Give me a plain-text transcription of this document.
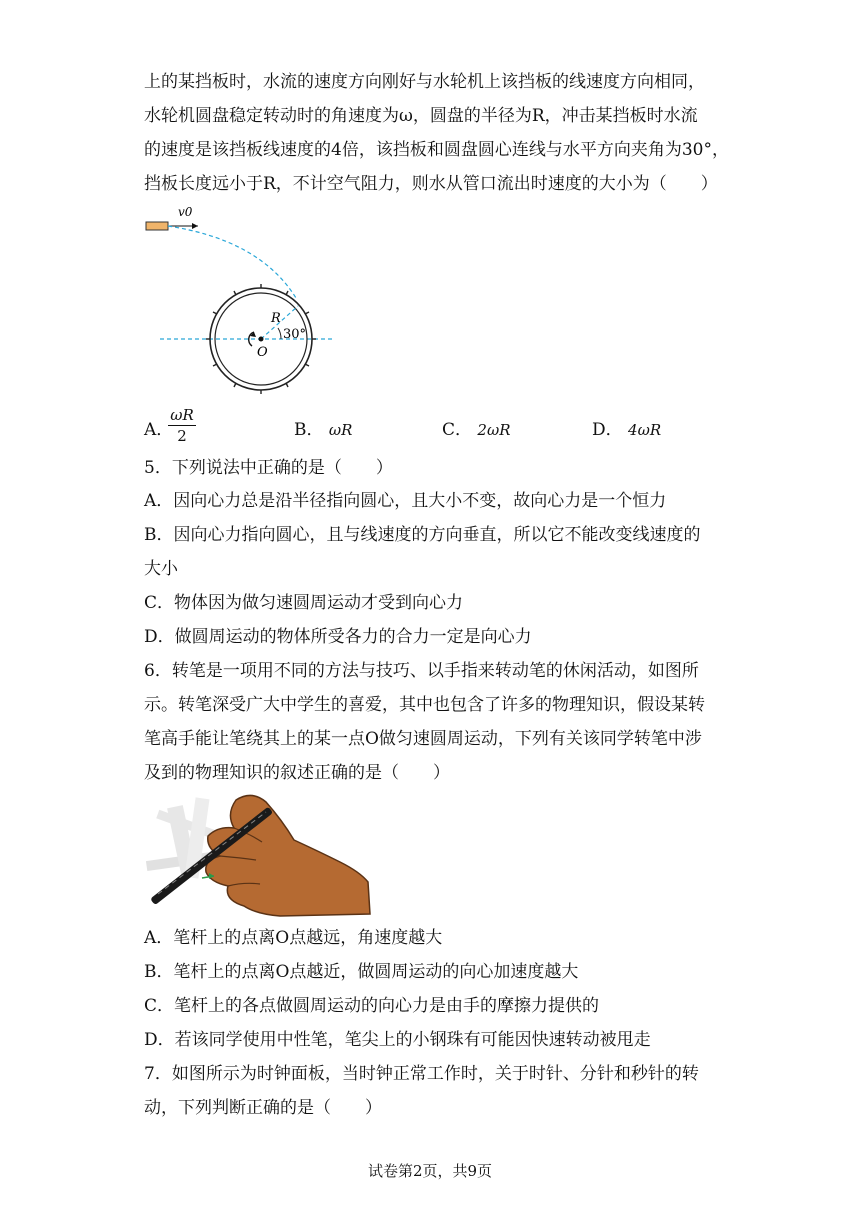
上的某挡板时，水流的速度方向刚好与水轮机上该挡板的线速度方向相同，
水轮机圆盘稳定转动时的角速度为ω，圆盘的半径为R，冲击某挡板时水流
的速度是该挡板线速度的4倍，该挡板和圆盘圆心连线与水平方向夹角为30°，
挡板长度远小于R，不计空气阻力，则水从管口流出时速度的大小为（　　）
v0
R
30°
O
A．
$\frac{\omega R}{2}$	B． ωR	C． 2ωR	D． 4ωR
5．下列说法中正确的是（　　）
A．因向心力总是沿半径指向圆心，且大小不变，故向心力是一个恒力
B．因向心力指向圆心，且与线速度的方向垂直，所以它不能改变线速度的
大小
C．物体因为做匀速圆周运动才受到向心力
D．做圆周运动的物体所受各力的合力一定是向心力
6．转笔是一项用不同的方法与技巧、以手指来转动笔的休闲活动，如图所
示。转笔深受广大中学生的喜爱，其中也包含了许多的物理知识，假设某转
笔高手能让笔绕其上的某一点O做匀速圆周运动，下列有关该同学转笔中涉
及到的物理知识的叙述正确的是（　　）
A．笔杆上的点离O点越远，角速度越大
B．笔杆上的点离O点越近，做圆周运动的向心加速度越大
C．笔杆上的各点做圆周运动的向心力是由手的摩擦力提供的
D．若该同学使用中性笔，笔尖上的小钢珠有可能因快速转动被甩走
7．如图所示为时钟面板，当时钟正常工作时，关于时针、分针和秒针的转
动，下列判断正确的是（　　）
试卷第2页，共9页
